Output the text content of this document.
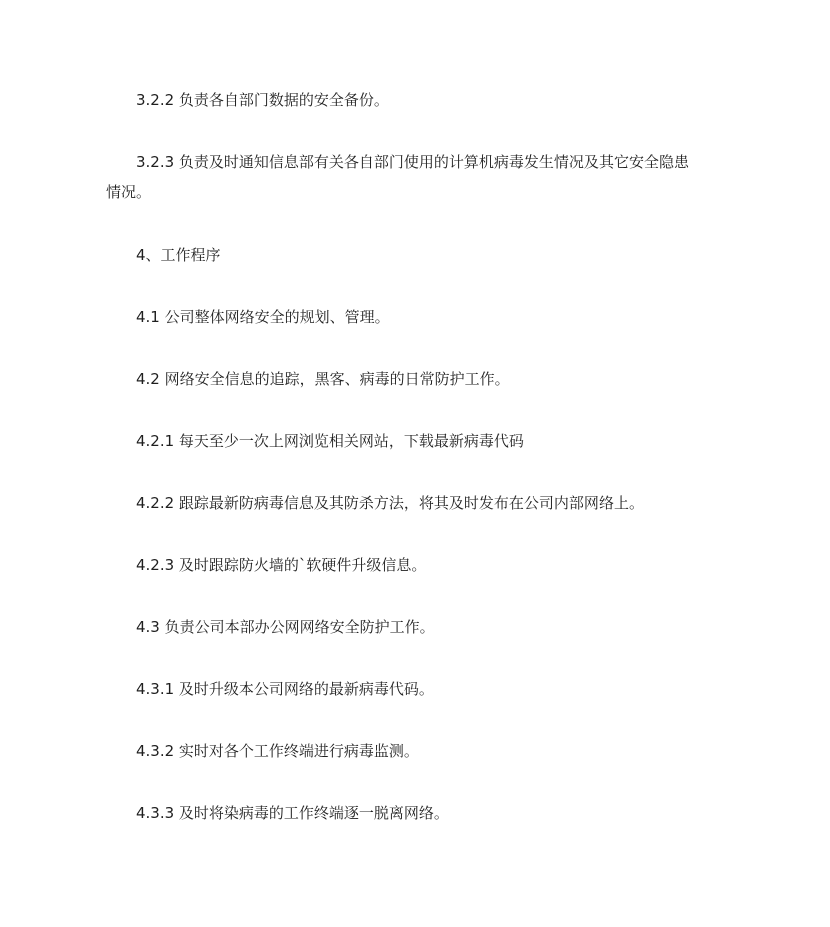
3.2.2 负责各自部门数据的安全备份。
3.2.3 负责及时通知信息部有关各自部门使用的计算机病毒发生情况及其它安全隐患
情况。
4、工作程序
4.1 公司整体网络安全的规划、管理。
4.2 网络安全信息的追踪，黑客、病毒的日常防护工作。
4.2.1 每天至少一次上网浏览相关网站，下载最新病毒代码
4.2.2 跟踪最新防病毒信息及其防杀方法，将其及时发布在公司内部网络上。
4.2.3 及时跟踪防火墙的`软硬件升级信息。
4.3 负责公司本部办公网网络安全防护工作。
4.3.1 及时升级本公司网络的最新病毒代码。
4.3.2 实时对各个工作终端进行病毒监测。
4.3.3 及时将染病毒的工作终端逐一脱离网络。
